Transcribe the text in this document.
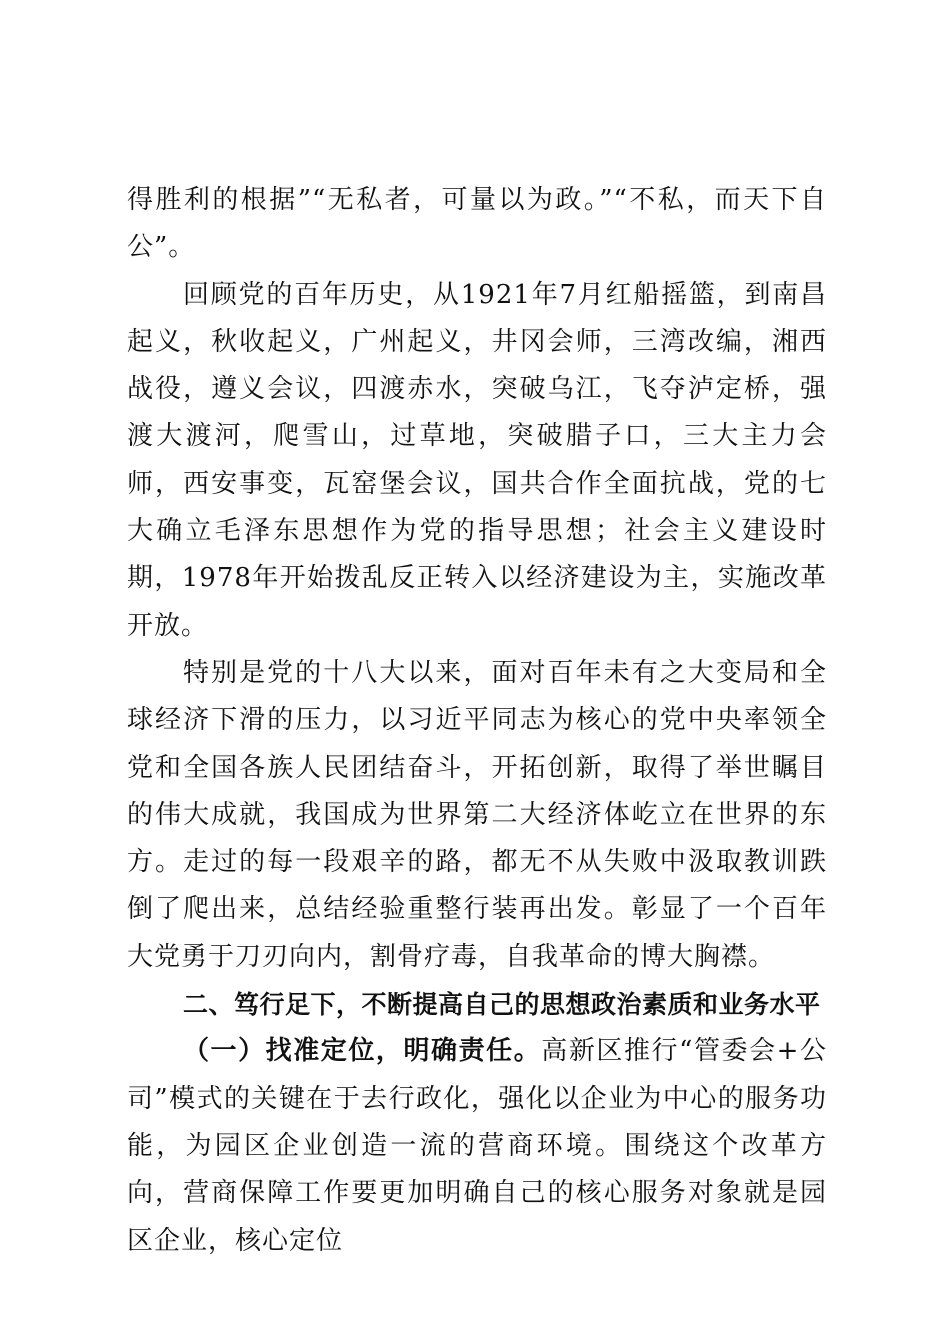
得胜利的根据”“无私者，可量以为政。”“不私，而天下自公”。

回顾党的百年历史，从1921年7月红船摇篮，到南昌起义，秋收起义，广州起义，井冈会师，三湾改编，湘西战役，遵义会议，四渡赤水，突破乌江，飞夺泸定桥，强渡大渡河，爬雪山，过草地，突破腊子口，三大主力会师，西安事变，瓦窑堡会议，国共合作全面抗战，党的七大确立毛泽东思想作为党的指导思想；社会主义建设时期，1978年开始拨乱反正转入以经济建设为主，实施改革开放。

特别是党的十八大以来，面对百年未有之大变局和全球经济下滑的压力，以习近平同志为核心的党中央率领全党和全国各族人民团结奋斗，开拓创新，取得了举世瞩目的伟大成就，我国成为世界第二大经济体屹立在世界的东方。走过的每一段艰辛的路，都无不从失败中汲取教训跌倒了爬出来，总结经验重整行装再出发。彰显了一个百年大党勇于刀刃向内，割骨疗毒，自我革命的博大胸襟。

二、笃行足下，不断提高自己的思想政治素质和业务水平

（一）找准定位，明确责任。高新区推行“管委会+公司”模式的关键在于去行政化，强化以企业为中心的服务功能，为园区企业创造一流的营商环境。围绕这个改革方向，营商保障工作要更加明确自己的核心服务对象就是园区企业，核心定位
